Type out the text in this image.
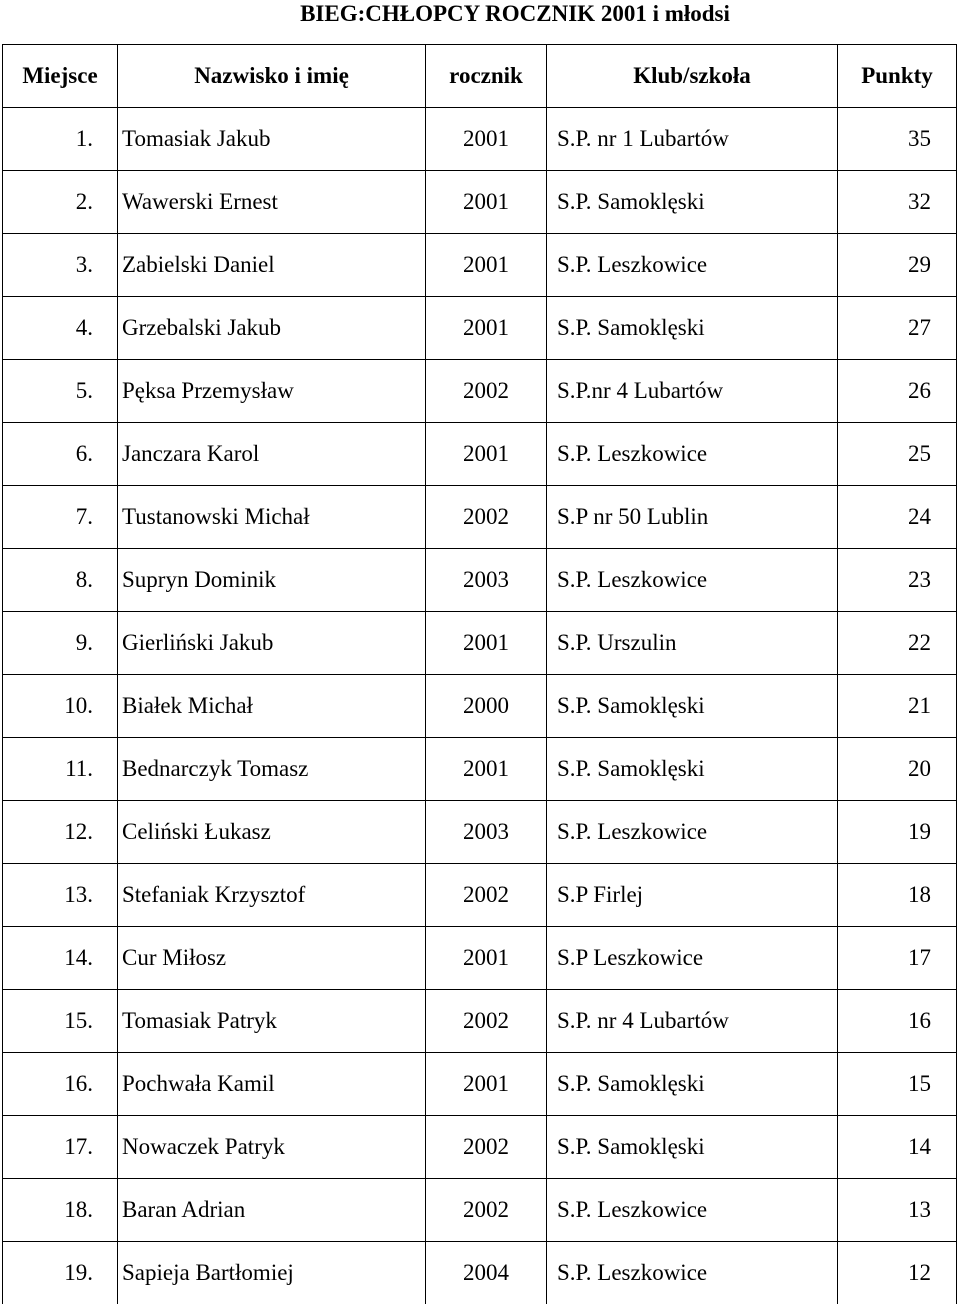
BIEG:CHŁOPCY ROCZNIK 2001 i młodsi
Miejsce	Nazwisko i imię	rocznik	Klub/szkoła	Punkty
1.	Tomasiak Jakub	2001	S.P. nr 1 Lubartów	35
2.	Wawerski Ernest	2001	S.P. Samoklęski	32
3.	Zabielski Daniel	2001	S.P. Leszkowice	29
4.	Grzebalski Jakub	2001	S.P. Samoklęski	27
5.	Pęksa Przemysław	2002	S.P.nr 4 Lubartów	26
6.	Janczara Karol	2001	S.P. Leszkowice	25
7.	Tustanowski Michał	2002	S.P nr 50 Lublin	24
8.	Supryn Dominik	2003	S.P. Leszkowice	23
9.	Gierliński Jakub	2001	S.P. Urszulin	22
10.	Białek Michał	2000	S.P. Samoklęski	21
11.	Bednarczyk Tomasz	2001	S.P. Samoklęski	20
12.	Celiński Łukasz	2003	S.P. Leszkowice	19
13.	Stefaniak Krzysztof	2002	S.P Firlej	18
14.	Cur Miłosz	2001	S.P Leszkowice	17
15.	Tomasiak Patryk	2002	S.P. nr 4 Lubartów	16
16.	Pochwała Kamil	2001	S.P. Samoklęski	15
17.	Nowaczek Patryk	2002	S.P. Samoklęski	14
18.	Baran Adrian	2002	S.P. Leszkowice	13
19.	Sapieja Bartłomiej	2004	S.P. Leszkowice	12
